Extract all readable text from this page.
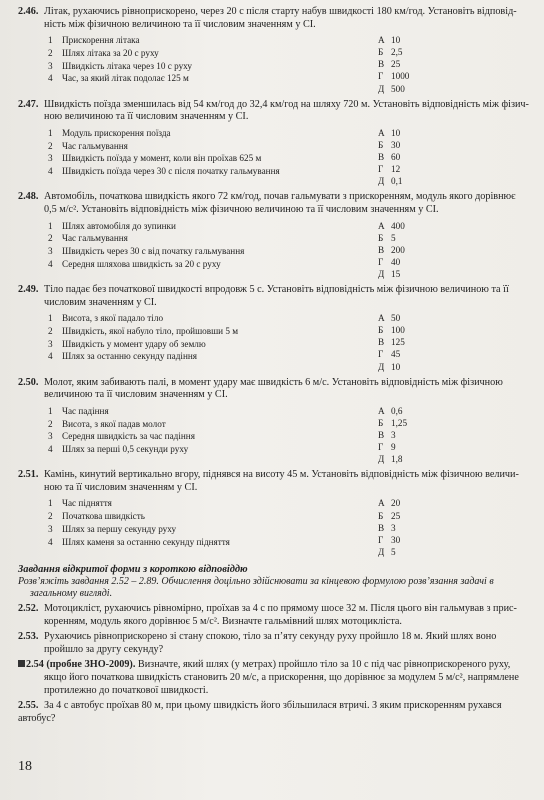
2.46. Літак, рухаючись рівноприскорено, через 20 с після старту набув швидкості 180 км/год. Установіть відповід-
ність між фізичною величиною та її числовим значенням у СІ.
1 Прискорення літака
2 Шлях літака за 20 с руху
3 Швидкість літака через 10 с руху
4 Час, за який літак подолає 125 м
А 10
Б 2,5
В 25
Г 1000
Д 500
2.47. Швидкість поїзда зменшилась від 54 км/год до 32,4 км/год на шляху 720 м. Установіть відповідність між фізич-
ною величиною та її числовим значенням у СІ.
1 Модуль прискорення поїзда
2 Час гальмування
3 Швидкість поїзда у момент, коли він проїхав 625 м
4 Швидкість поїзда через 30 с після початку гальмування
А 10
Б 30
В 60
Г 12
Д 0,1
2.48. Автомобіль, початкова швидкість якого 72 км/год, почав гальмувати з прискоренням, модуль якого дорівнює
0,5 м/с². Установіть відповідність між фізичною величиною та її числовим значенням у СІ.
1 Шлях автомобіля до зупинки
2 Час гальмування
3 Швидкість через 30 с від початку гальмування
4 Середня шляхова швидкість за 20 с руху
А 400
Б 5
В 200
Г 40
Д 15
2.49. Тіло падає без початкової швидкості впродовж 5 с. Установіть відповідність між фізичною величиною та її
числовим значенням у СІ.
1 Висота, з якої падало тіло
2 Швидкість, якої набуло тіло, пройшовши 5 м
3 Швидкість у момент удару об землю
4 Шлях за останню секунду падіння
А 50
Б 100
В 125
Г 45
Д 10
2.50. Молот, яким забивають палі, в момент удару має швидкість 6 м/с. Установіть відповідність між фізичною
величиною та її числовим значенням у СІ.
1 Час падіння
2 Висота, з якої падав молот
3 Середня швидкість за час падіння
4 Шлях за перші 0,5 секунди руху
А 0,6
Б 1,25
В 3
Г 9
Д 1,8
2.51. Камінь, кинутий вертикально вгору, піднявся на висоту 45 м. Установіть відповідність між фізичною величи-
ною та її числовим значенням у СІ.
1 Час підняття
2 Початкова швидкість
3 Шлях за першу секунду руху
4 Шлях каменя за останню секунду підняття
А 20
Б 25
В 3
Г 30
Д 5
Завдання відкритої форми з короткою відповіддю
Розв’яжіть завдання 2.52 – 2.89. Обчислення доцільно здійснювати за кінцевою формулою розв’язання задачі в
загальному вигляді.
2.52. Мотоцикліст, рухаючись рівномірно, проїхав за 4 с по прямому шосе 32 м. Після цього він гальмував з прис-
коренням, модуль якого дорівнює 5 м/с². Визначте гальмівний шлях мотоцикліста.
2.53. Рухаючись рівноприскорено зі стану спокою, тіло за п’яту секунду руху пройшло 18 м. Який шлях воно
пройшло за другу секунду?
2.54 (пробне ЗНО-2009). Визначте, який шлях (у метрах) пройшло тіло за 10 с під час рівноприскореного руху,
якщо його початкова швидкість становить 20 м/с, а прискорення, що дорівнює за модулем 5 м/с², напрямлене
протилежно до початкової швидкості.
2.55. За 4 с автобус проїхав 80 м, при цьому швидкість його збільшилася втричі. З яким прискоренням рухався автобус?
18
